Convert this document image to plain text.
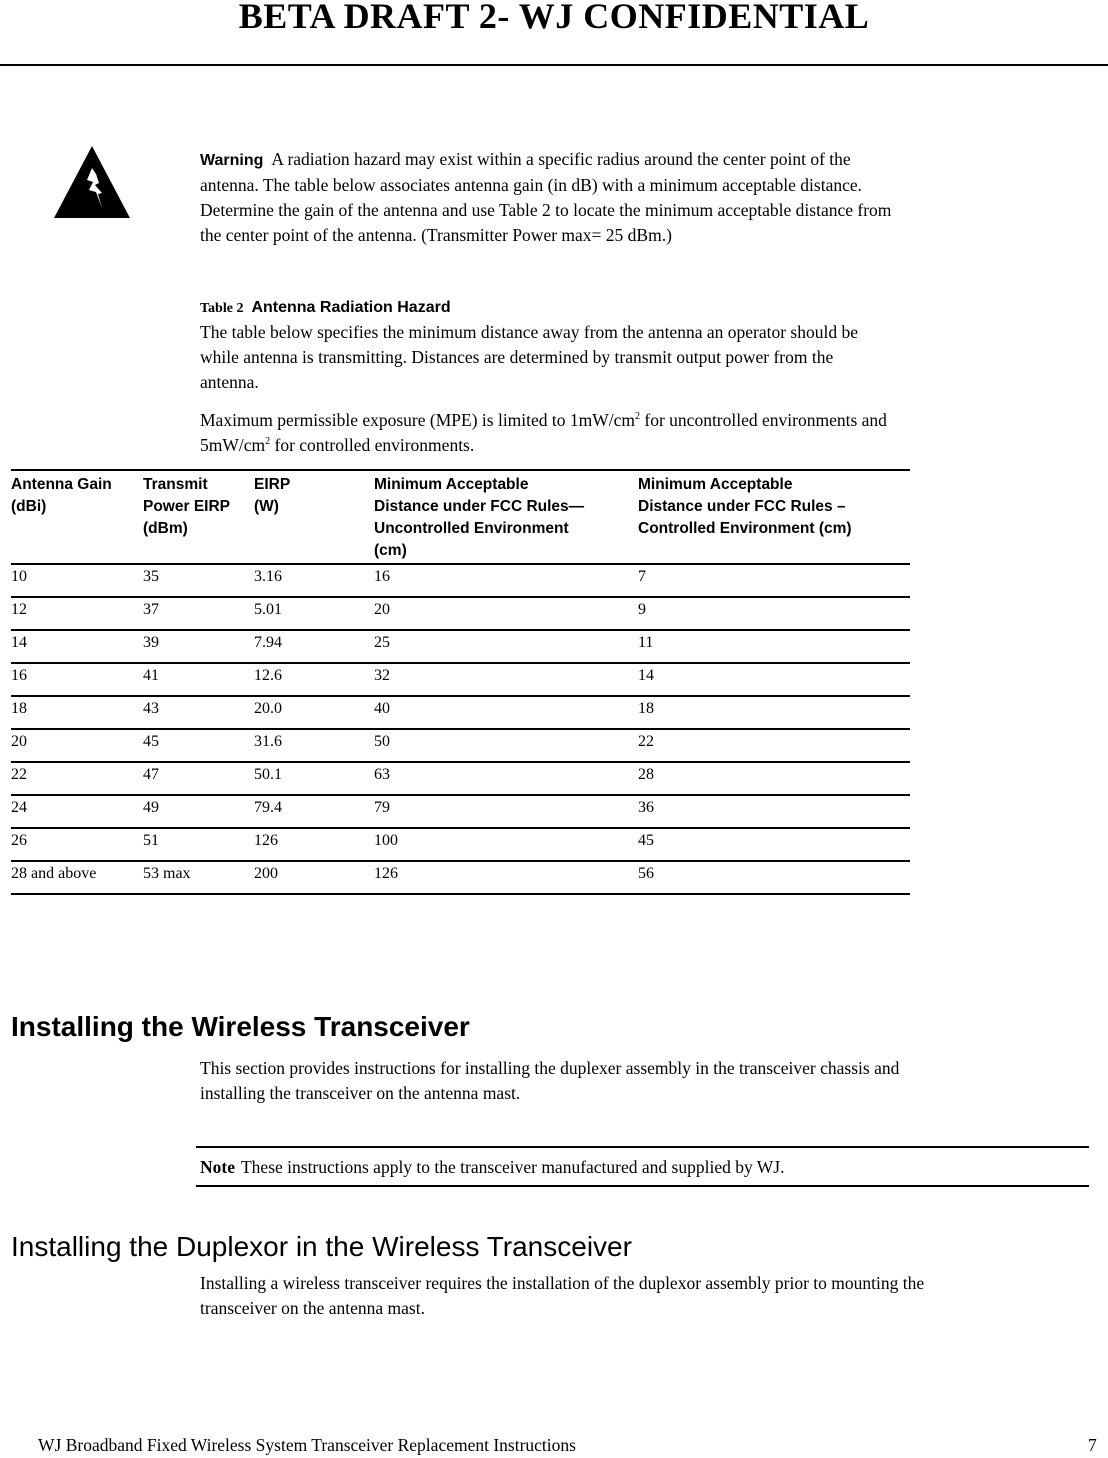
BETA DRAFT 2- WJ CONFIDENTIAL
Warning A radiation hazard may exist within a specific radius around the center point of the
antenna. The table below associates antenna gain (in dB) with a minimum acceptable distance.
Determine the gain of the antenna and use Table 2 to locate the minimum acceptable distance from
the center point of the antenna. (Transmitter Power max= 25 dBm.)
Table 2 Antenna Radiation Hazard
The table below specifies the minimum distance away from the antenna an operator should be
while antenna is transmitting. Distances are determined by transmit output power from the
antenna.
Maximum permissible exposure (MPE) is limited to $1mW/cm^2$ for uncontrolled environments and
$5mW/cm^2$ for controlled environments.
Antenna Gain
(dBi)

Transmit
Power EIRP
(dBm)

EIRP
(W)

Minimum Acceptable
Distance under FCC Rules—
Uncontrolled Environment
(cm)

Minimum Acceptable
Distance under FCC Rules –
Controlled Environment (cm)

10	35	3.16	16	7
12	37	5.01	20	9
14	39	7.94	25	11
16	41	12.6	32	14
18	43	20.0	40	18
20	45	31.6	50	22
22	47	50.1	63	28
24	49	79.4	79	36
26	51	126	100	45
28 and above	53 max	200	126	56
Installing the Wireless Transceiver
This section provides instructions for installing the duplexer assembly in the transceiver chassis and
installing the transceiver on the antenna mast.
Note These instructions apply to the transceiver manufactured and supplied by WJ.
Installing the Duplexor in the Wireless Transceiver
Installing a wireless transceiver requires the installation of the duplexor assembly prior to mounting the
transceiver on the antenna mast.
WJ Broadband Fixed Wireless System Transceiver Replacement Instructions	7
